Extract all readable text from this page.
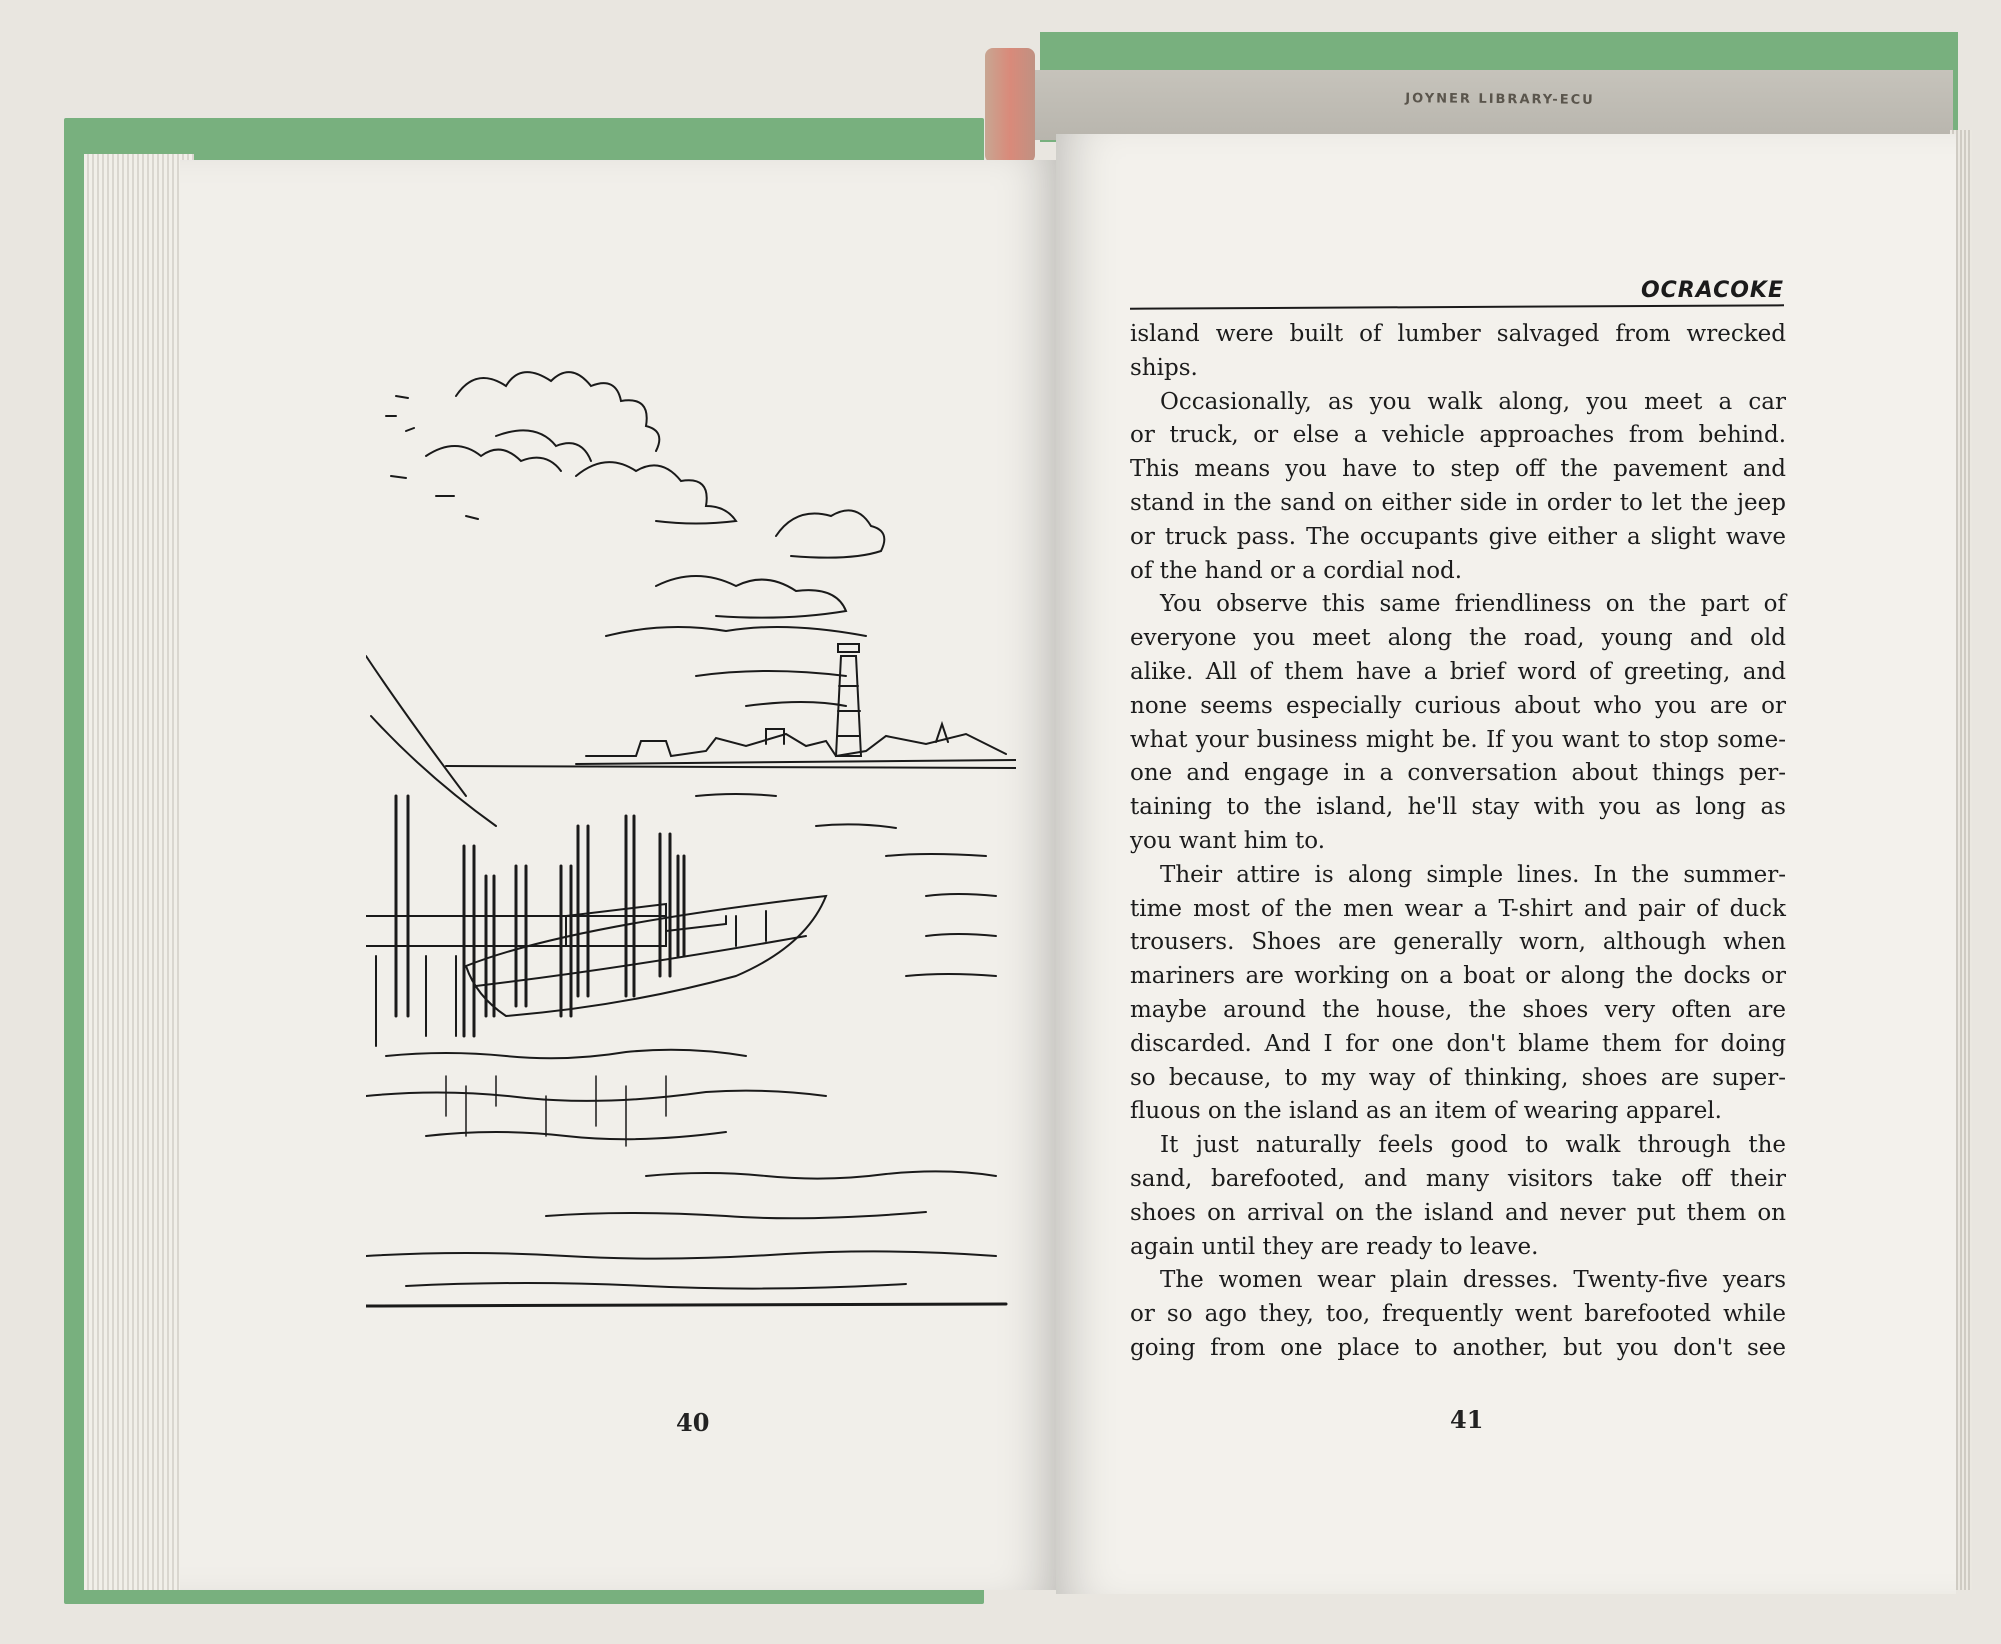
JOYNER LIBRARY-ECU
40
OCRACOKE
island were built of lumber salvaged from wrecked
ships.
Occasionally, as you walk along, you meet a car
or truck, or else a vehicle approaches from behind.
This means you have to step off the pavement and
stand in the sand on either side in order to let the jeep
or truck pass. The occupants give either a slight wave
of the hand or a cordial nod.
You observe this same friendliness on the part of
everyone you meet along the road, young and old
alike. All of them have a brief word of greeting, and
none seems especially curious about who you are or
what your business might be. If you want to stop some-
one and engage in a conversation about things per-
taining to the island, he'll stay with you as long as
you want him to.
Their attire is along simple lines. In the summer-
time most of the men wear a T-shirt and pair of duck
trousers. Shoes are generally worn, although when
mariners are working on a boat or along the docks or
maybe around the house, the shoes very often are
discarded. And I for one don't blame them for doing
so because, to my way of thinking, shoes are super-
fluous on the island as an item of wearing apparel.
It just naturally feels good to walk through the
sand, barefooted, and many visitors take off their
shoes on arrival on the island and never put them on
again until they are ready to leave.
The women wear plain dresses. Twenty-five years
or so ago they, too, frequently went barefooted while
going from one place to another, but you don't see
41
